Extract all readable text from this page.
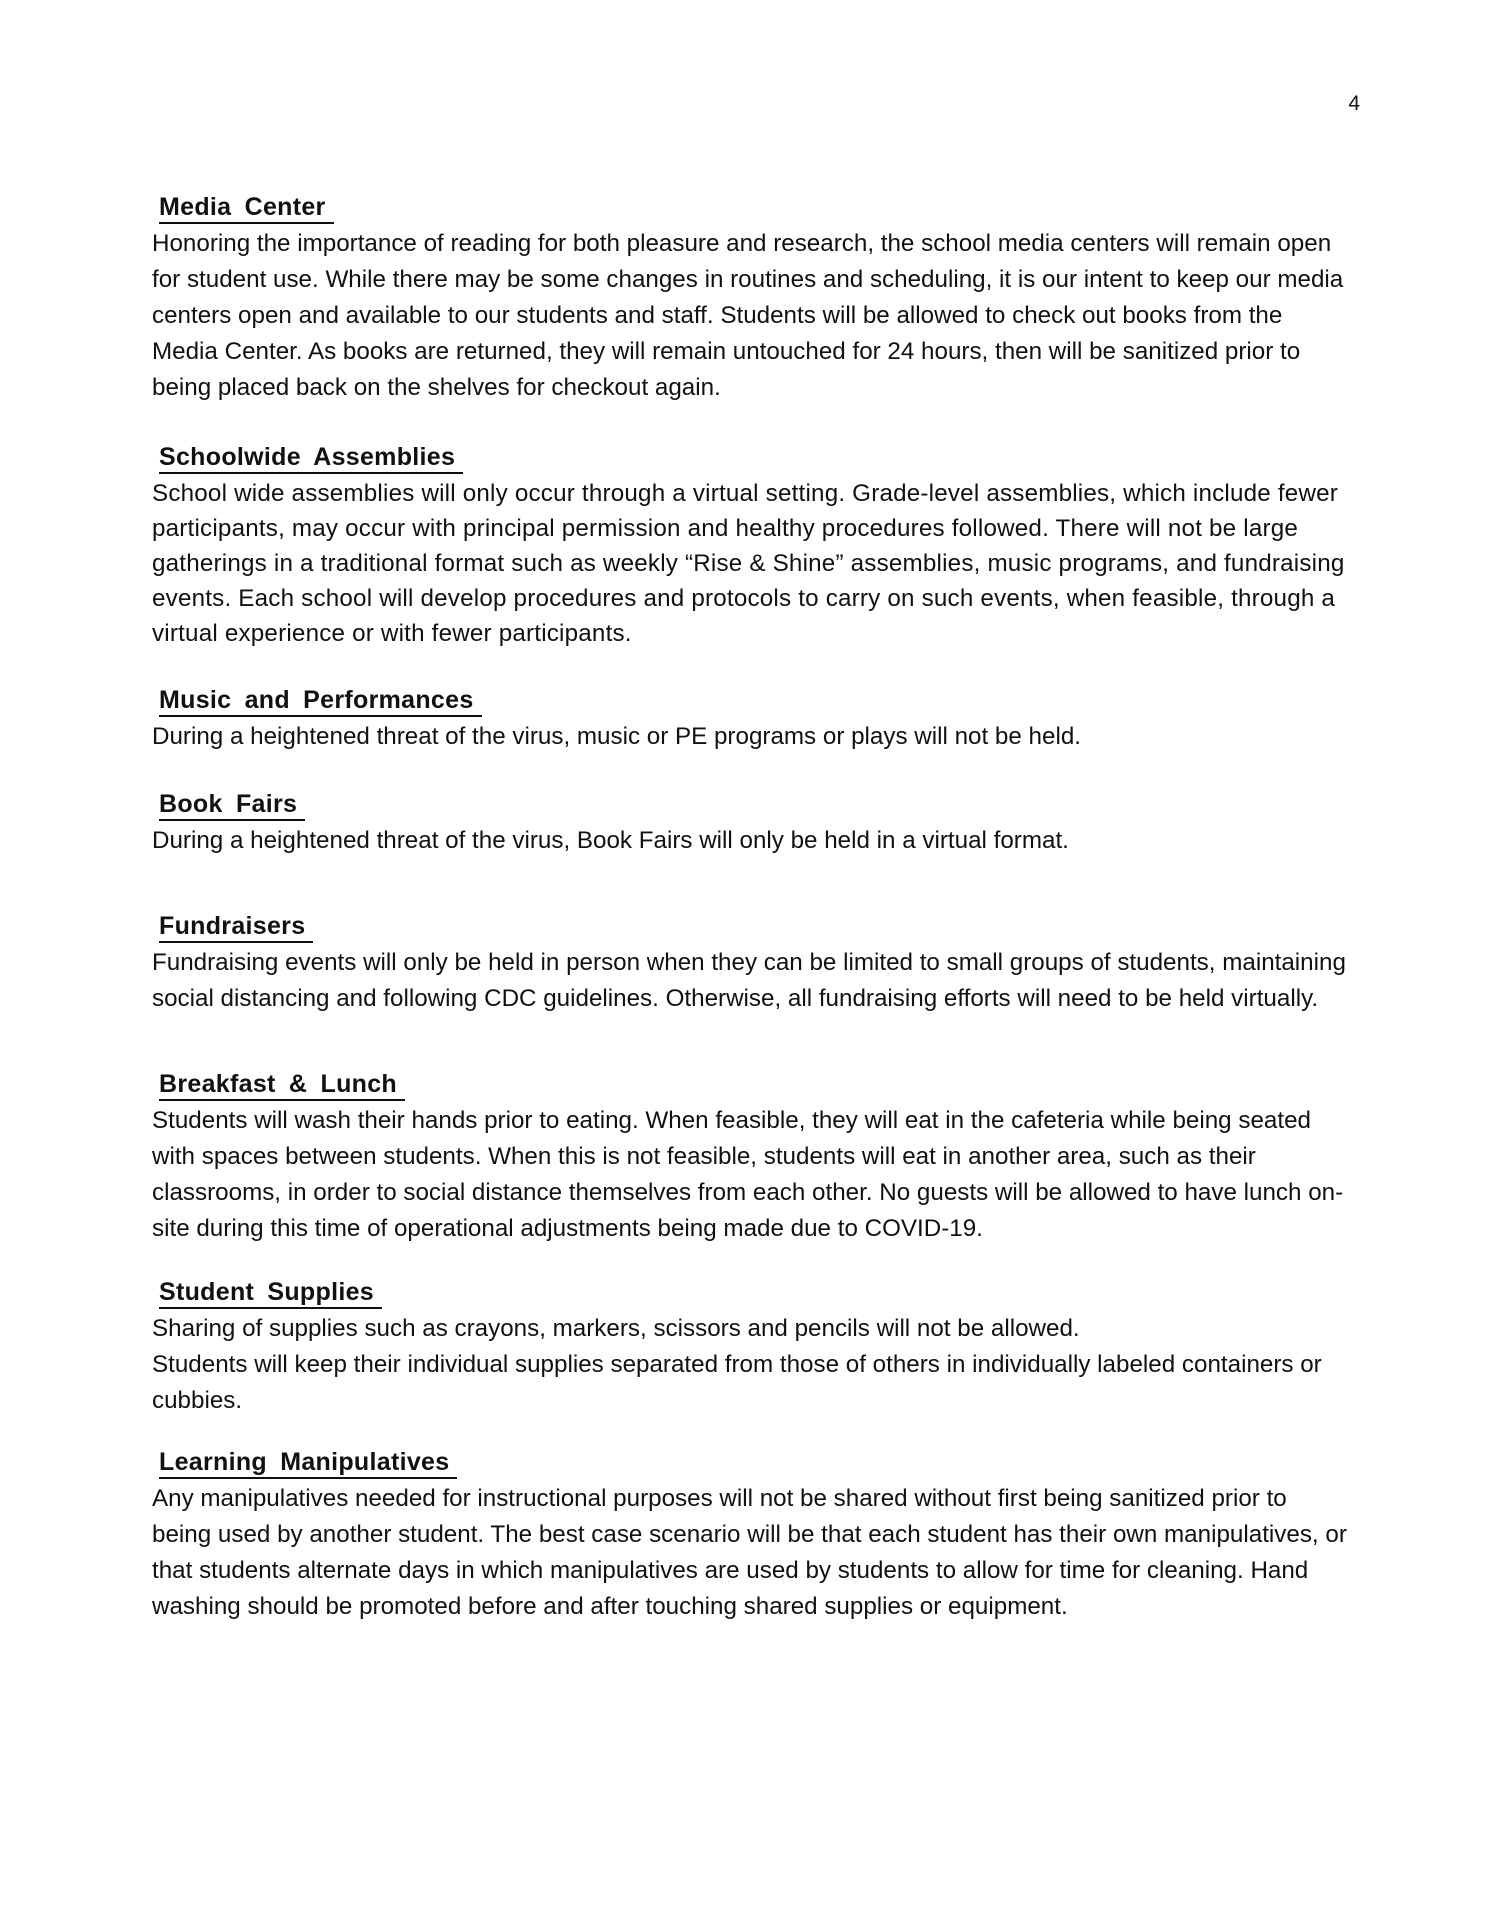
4
Media Center

Honoring the importance of reading for both pleasure and research, the school media centers will remain open for student use. While there may be some changes in routines and scheduling, it is our intent to keep our media centers open and available to our students and staff. Students will be allowed to check out books from the Media Center. As books are returned, they will remain untouched for 24 hours, then will be sanitized prior to being placed back on the shelves for checkout again.

Schoolwide Assemblies

School wide assemblies will only occur through a virtual setting. Grade-level assemblies, which include fewer participants, may occur with principal permission and healthy procedures followed. There will not be large gatherings in a traditional format such as weekly “Rise & Shine” assemblies, music programs, and fundraising events. Each school will develop procedures and protocols to carry on such events, when feasible, through a virtual experience or with fewer participants.

Music and Performances

During a heightened threat of the virus, music or PE programs or plays will not be held.

Book Fairs

During a heightened threat of the virus, Book Fairs will only be held in a virtual format.

Fundraisers

Fundraising events will only be held in person when they can be limited to small groups of students, maintaining social distancing and following CDC guidelines. Otherwise, all fundraising efforts will need to be held virtually.

Breakfast & Lunch

Students will wash their hands prior to eating. When feasible, they will eat in the cafeteria while being seated with spaces between students. When this is not feasible, students will eat in another area, such as their classrooms, in order to social distance themselves from each other. No guests will be allowed to have lunch on-site during this time of operational adjustments being made due to COVID-19.

Student Supplies

Sharing of supplies such as crayons, markers, scissors and pencils will not be allowed.

Students will keep their individual supplies separated from those of others in individually labeled containers or cubbies.

Learning Manipulatives

Any manipulatives needed for instructional purposes will not be shared without first being sanitized prior to being used by another student. The best case scenario will be that each student has their own manipulatives, or that students alternate days in which manipulatives are used by students to allow for time for cleaning. Hand washing should be promoted before and after touching shared supplies or equipment.
